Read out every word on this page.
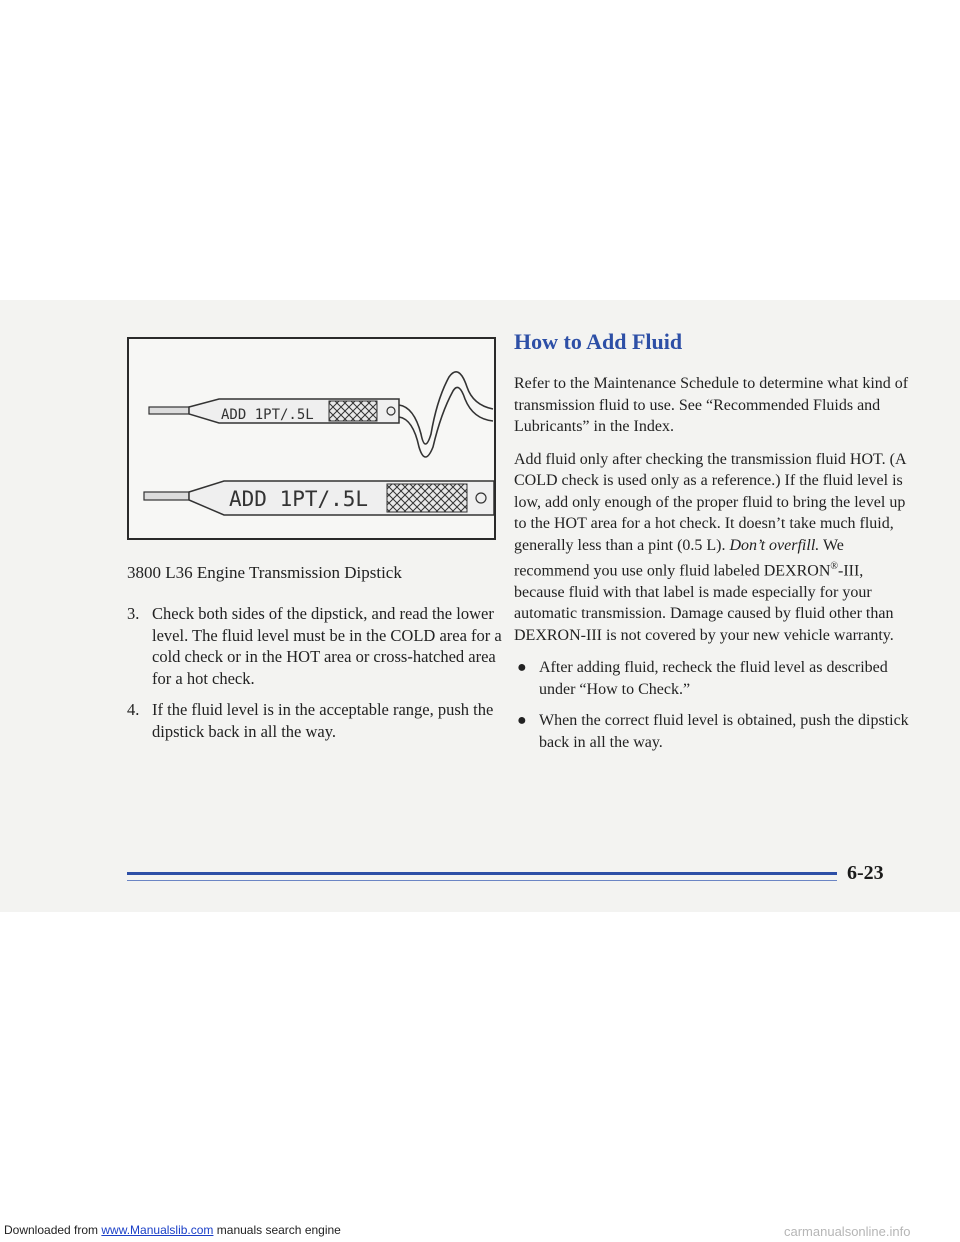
ADD 1PT/.5L
ADD 1PT/.5L
3800 L36 Engine Transmission Dipstick
3. Check both sides of the dipstick, and read the lower level. The fluid level must be in the COLD area for a cold check or in the HOT area or cross-hatched area for a hot check.
4. If the fluid level is in the acceptable range, push the dipstick back in all the way.
How to Add Fluid

Refer to the Maintenance Schedule to determine what kind of transmission fluid to use. See “Recommended Fluids and Lubricants” in the Index.

Add fluid only after checking the transmission fluid HOT. (A COLD check is used only as a reference.) If the fluid level is low, add only enough of the proper fluid to bring the level up to the HOT area for a hot check. It doesn’t take much fluid, generally less than a pint (0.5 L). Don’t overfill. We recommend you use only fluid labeled DEXRON®-III, because fluid with that label is made especially for your automatic transmission. Damage caused by fluid other than DEXRON-III is not covered by your new vehicle warranty.

● After adding fluid, recheck the fluid level as described under “How to Check.”
● When the correct fluid level is obtained, push the dipstick back in all the way.
6-23
Downloaded from www.Manualslib.com manuals search engine	carmanualsonline.info
